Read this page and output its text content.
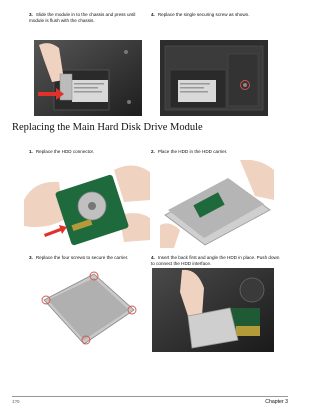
3. Slide the module in to the chassis and press until module is flush with the chassis.
4. Replace the single securing screw as shown.
Replacing the Main Hard Disk Drive Module
1. Replace the HDD connector.	2. Place the HDD in the HDD carrier.
3. Replace the four screws to secure the carrier.	4. Insert the back first and angle the HDD in place. Push down to connect the HDD interface.
1?0	Chapter 3
